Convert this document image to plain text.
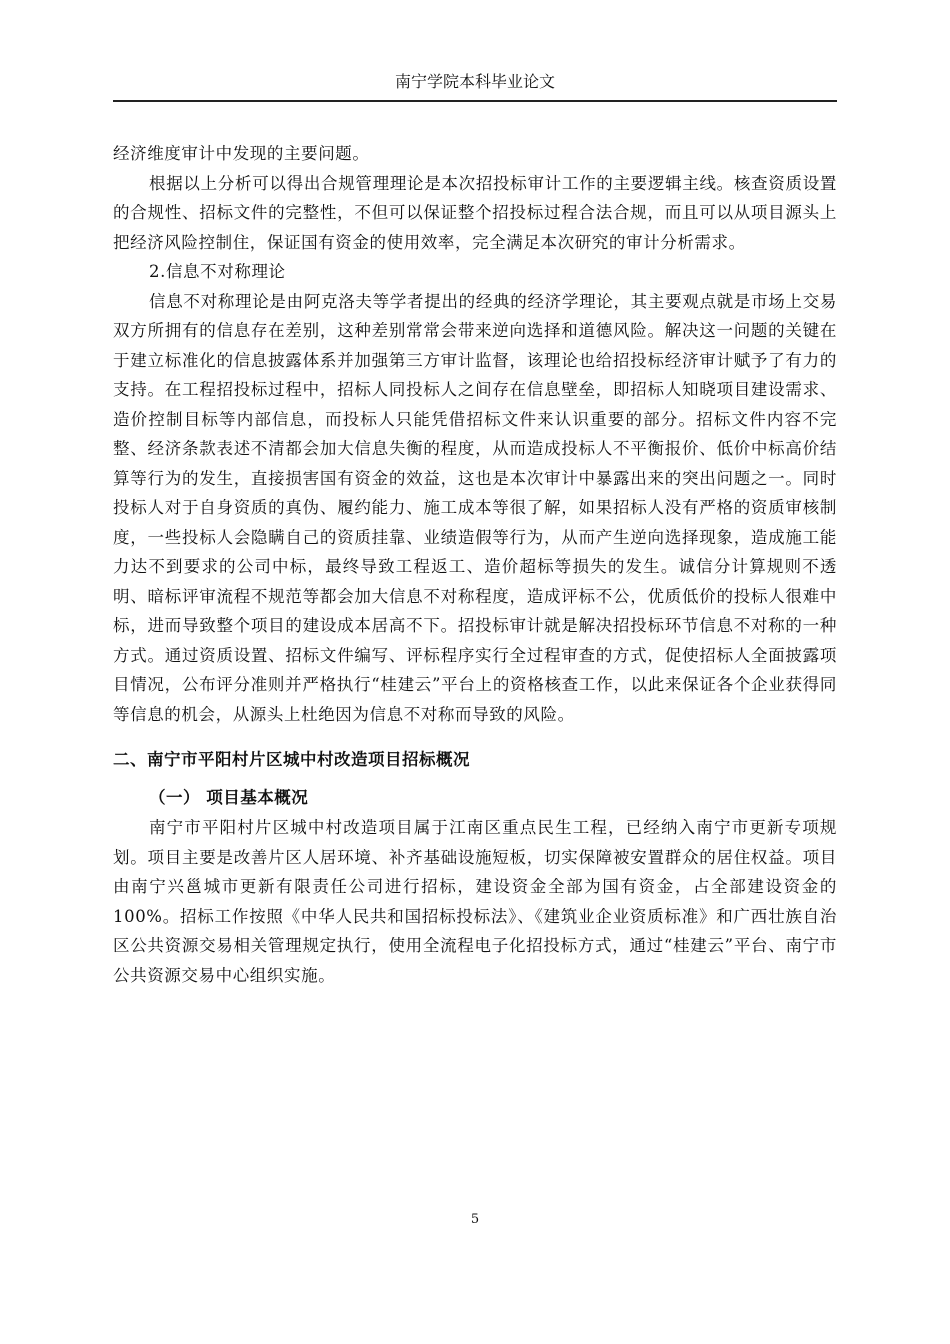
南宁学院本科毕业论文

经济维度审计中发现的主要问题。

根据以上分析可以得出合规管理理论是本次招投标审计工作的主要逻辑主线。核查资质设置的合规性、招标文件的完整性，不但可以保证整个招投标过程合法合规，而且可以从项目源头上把经济风险控制住，保证国有资金的使用效率，完全满足本次研究的审计分析需求。

2.信息不对称理论

信息不对称理论是由阿克洛夫等学者提出的经典的经济学理论，其主要观点就是市场上交易双方所拥有的信息存在差别，这种差别常常会带来逆向选择和道德风险。解决这一问题的关键在于建立标准化的信息披露体系并加强第三方审计监督，该理论也给招投标经济审计赋予了有力的支持。在工程招投标过程中，招标人同投标人之间存在信息壁垒，即招标人知晓项目建设需求、造价控制目标等内部信息，而投标人只能凭借招标文件来认识重要的部分。招标文件内容不完整、经济条款表述不清都会加大信息失衡的程度，从而造成投标人不平衡报价、低价中标高价结算等行为的发生，直接损害国有资金的效益，这也是本次审计中暴露出来的突出问题之一。同时投标人对于自身资质的真伪、履约能力、施工成本等很了解，如果招标人没有严格的资质审核制度，一些投标人会隐瞒自己的资质挂靠、业绩造假等行为，从而产生逆向选择现象，造成施工能力达不到要求的公司中标，最终导致工程返工、造价超标等损失的发生。诚信分计算规则不透明、暗标评审流程不规范等都会加大信息不对称程度，造成评标不公，优质低价的投标人很难中标，进而导致整个项目的建设成本居高不下。招投标审计就是解决招投标环节信息不对称的一种方式。通过资质设置、招标文件编写、评标程序实行全过程审查的方式，促使招标人全面披露项目情况，公布评分准则并严格执行“桂建云”平台上的资格核查工作，以此来保证各个企业获得同等信息的机会，从源头上杜绝因为信息不对称而导致的风险。

二、南宁市平阳村片区城中村改造项目招标概况

（一） 项目基本概况

南宁市平阳村片区城中村改造项目属于江南区重点民生工程，已经纳入南宁市更新专项规划。项目主要是改善片区人居环境、补齐基础设施短板，切实保障被安置群众的居住权益。项目由南宁兴邕城市更新有限责任公司进行招标，建设资金全部为国有资金，占全部建设资金的100%。招标工作按照《中华人民共和国招标投标法》、《建筑业企业资质标准》和广西壮族自治区公共资源交易相关管理规定执行，使用全流程电子化招投标方式，通过“桂建云”平台、南宁市公共资源交易中心组织实施。

5
